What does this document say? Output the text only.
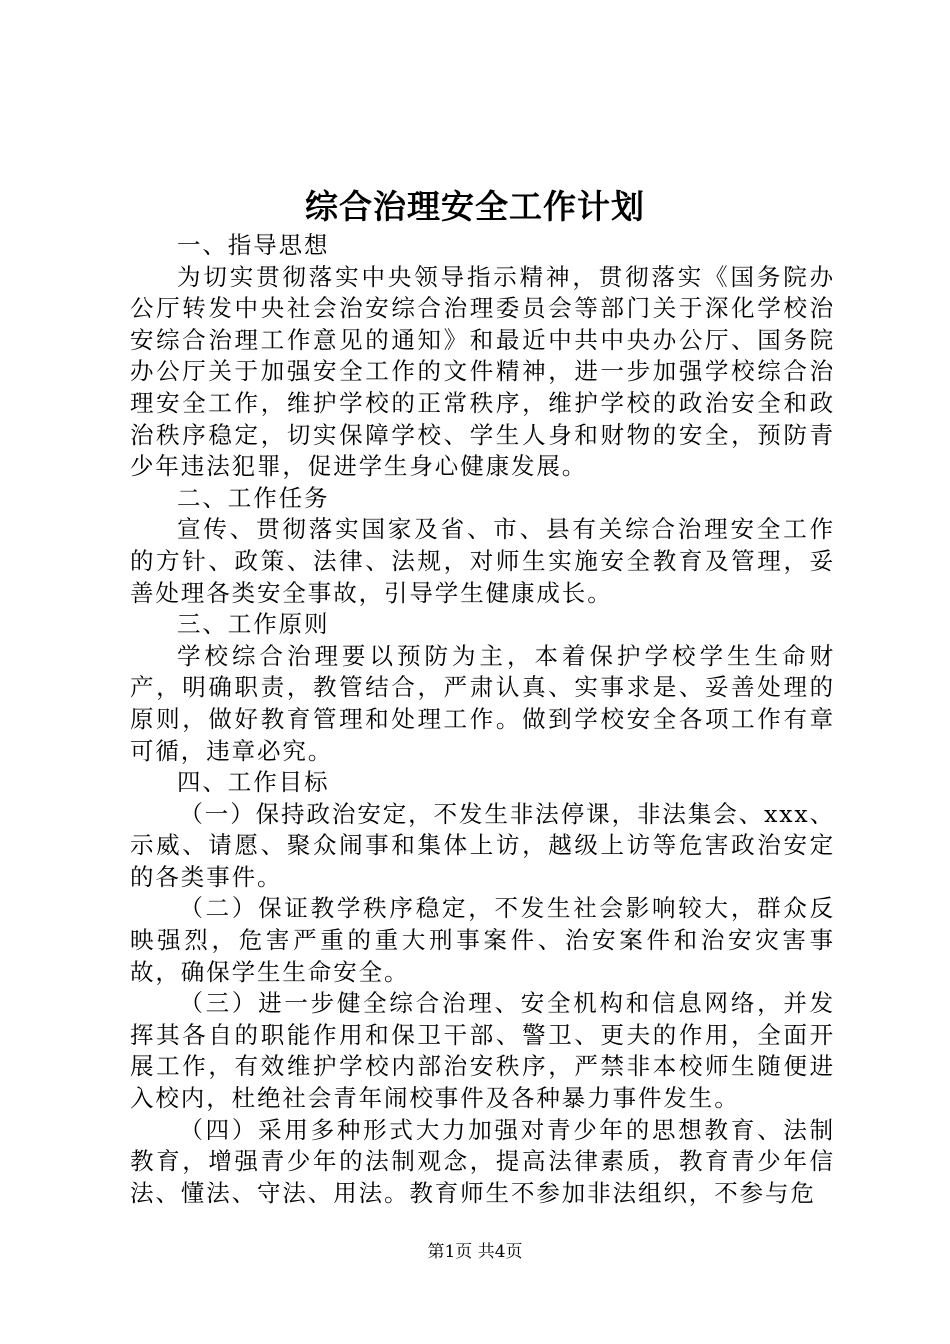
综合治理安全工作计划

一、指导思想

为切实贯彻落实中央领导指示精神，贯彻落实《国务院办公厅转发中央社会治安综合治理委员会等部门关于深化学校治安综合治理工作意见的通知》和最近中共中央办公厅、国务院办公厅关于加强安全工作的文件精神，进一步加强学校综合治理安全工作，维护学校的正常秩序，维护学校的政治安全和政治秩序稳定，切实保障学校、学生人身和财物的安全，预防青少年违法犯罪，促进学生身心健康发展。

二、工作任务

宣传、贯彻落实国家及省、市、县有关综合治理安全工作的方针、政策、法律、法规，对师生实施安全教育及管理，妥善处理各类安全事故，引导学生健康成长。

三、工作原则

学校综合治理要以预防为主，本着保护学校学生生命财产，明确职责，教管结合，严肃认真、实事求是、妥善处理的原则，做好教育管理和处理工作。做到学校安全各项工作有章可循，违章必究。

四、工作目标

（一）保持政治安定，不发生非法停课，非法集会、xxx、示威、请愿、聚众闹事和集体上访，越级上访等危害政治安定的各类事件。

（二）保证教学秩序稳定，不发生社会影响较大，群众反映强烈，危害严重的重大刑事案件、治安案件和治安灾害事故，确保学生生命安全。

（三）进一步健全综合治理、安全机构和信息网络，并发挥其各自的职能作用和保卫干部、警卫、更夫的作用，全面开展工作，有效维护学校内部治安秩序，严禁非本校师生随便进入校内，杜绝社会青年闹校事件及各种暴力事件发生。

（四）采用多种形式大力加强对青少年的思想教育、法制教育，增强青少年的法制观念，提高法律素质，教育青少年信法、懂法、守法、用法。教育师生不参加非法组织，不参与危

第1页 共4页
